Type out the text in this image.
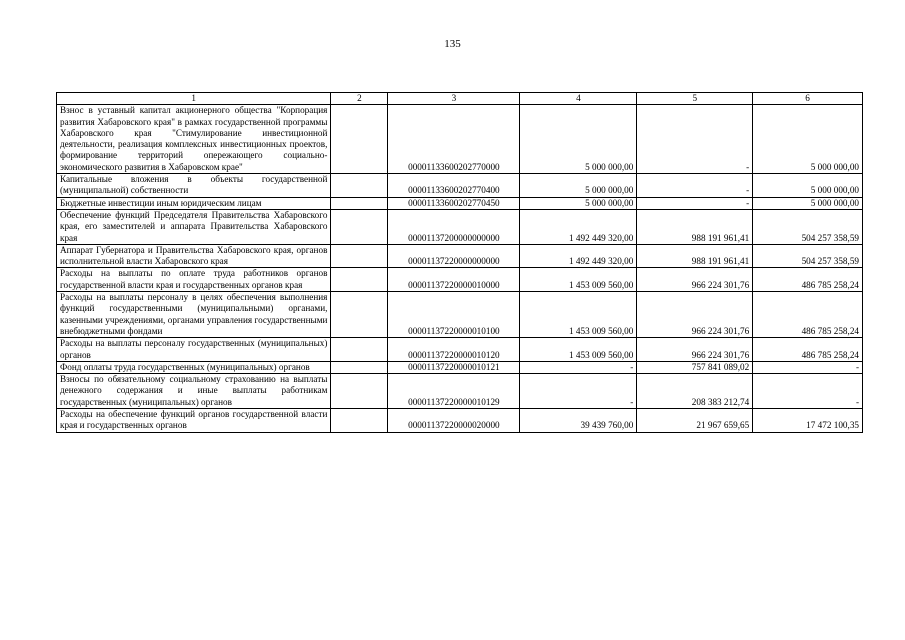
135
1	2	3	4	5	6
Взнос в уставный капитал акционерного общества "Корпорация развития Хабаровского края" в рамках государственной программы Хабаровского края "Стимулирование инвестиционной деятельности, реализация комплексных инвестиционных проектов, формирование территорий опережающего социально-экономического развития в Хабаровском крае"		00001133600202770000	5 000 000,00	-	5 000 000,00
Капитальные вложения в объекты государственной (муниципальной) собственности		00001133600202770400	5 000 000,00	-	5 000 000,00
Бюджетные инвестиции иным юридическим лицам		00001133600202770450	5 000 000,00	-	5 000 000,00
Обеспечение функций Председателя Правительства Хабаровского края, его заместителей и аппарата Правительства Хабаровского края		00001137200000000000	1 492 449 320,00	988 191 961,41	504 257 358,59
Аппарат Губернатора и Правительства Хабаровского края, органов исполнительной власти Хабаровского края		00001137220000000000	1 492 449 320,00	988 191 961,41	504 257 358,59
Расходы на выплаты по оплате труда работников органов государственной власти края и государственных органов края		00001137220000010000	1 453 009 560,00	966 224 301,76	486 785 258,24
Расходы на выплаты персоналу в целях обеспечения выполнения функций государственными (муниципальными) органами, казенными учреждениями, органами управления государственными внебюджетными фондами		00001137220000010100	1 453 009 560,00	966 224 301,76	486 785 258,24
Расходы на выплаты персоналу государственных (муниципальных) органов		00001137220000010120	1 453 009 560,00	966 224 301,76	486 785 258,24
Фонд оплаты труда государственных (муниципальных) органов		00001137220000010121	-	757 841 089,02	-
Взносы по обязательному социальному страхованию на выплаты денежного содержания и иные выплаты работникам государственных (муниципальных) органов		00001137220000010129	-	208 383 212,74	-
Расходы на обеспечение функций органов государственной власти края и государственных органов		00001137220000020000	39 439 760,00	21 967 659,65	17 472 100,35
